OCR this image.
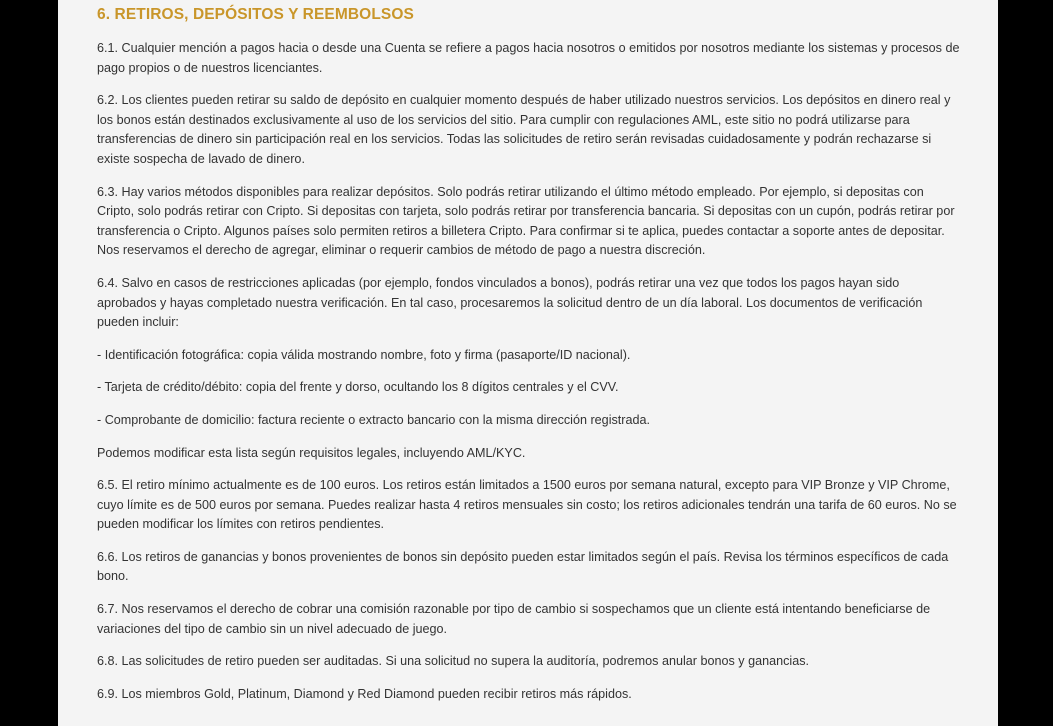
6. RETIROS, DEPÓSITOS Y REEMBOLSOS

6.1. Cualquier mención a pagos hacia o desde una Cuenta se refiere a pagos hacia nosotros o emitidos por nosotros mediante los sistemas y procesos de pago propios o de nuestros licenciantes.

6.2. Los clientes pueden retirar su saldo de depósito en cualquier momento después de haber utilizado nuestros servicios. Los depósitos en dinero real y los bonos están destinados exclusivamente al uso de los servicios del sitio. Para cumplir con regulaciones AML, este sitio no podrá utilizarse para transferencias de dinero sin participación real en los servicios. Todas las solicitudes de retiro serán revisadas cuidadosamente y podrán rechazarse si existe sospecha de lavado de dinero.

6.3. Hay varios métodos disponibles para realizar depósitos. Solo podrás retirar utilizando el último método empleado. Por ejemplo, si depositas con Cripto, solo podrás retirar con Cripto. Si depositas con tarjeta, solo podrás retirar por transferencia bancaria. Si depositas con un cupón, podrás retirar por transferencia o Cripto. Algunos países solo permiten retiros a billetera Cripto. Para confirmar si te aplica, puedes contactar a soporte antes de depositar. Nos reservamos el derecho de agregar, eliminar o requerir cambios de método de pago a nuestra discreción.

6.4. Salvo en casos de restricciones aplicadas (por ejemplo, fondos vinculados a bonos), podrás retirar una vez que todos los pagos hayan sido aprobados y hayas completado nuestra verificación. En tal caso, procesaremos la solicitud dentro de un día laboral. Los documentos de verificación pueden incluir:

- Identificación fotográfica: copia válida mostrando nombre, foto y firma (pasaporte/ID nacional).

- Tarjeta de crédito/débito: copia del frente y dorso, ocultando los 8 dígitos centrales y el CVV.

- Comprobante de domicilio: factura reciente o extracto bancario con la misma dirección registrada.

Podemos modificar esta lista según requisitos legales, incluyendo AML/KYC.

6.5. El retiro mínimo actualmente es de 100 euros. Los retiros están limitados a 1500 euros por semana natural, excepto para VIP Bronze y VIP Chrome, cuyo límite es de 500 euros por semana. Puedes realizar hasta 4 retiros mensuales sin costo; los retiros adicionales tendrán una tarifa de 60 euros. No se pueden modificar los límites con retiros pendientes.

6.6. Los retiros de ganancias y bonos provenientes de bonos sin depósito pueden estar limitados según el país. Revisa los términos específicos de cada bono.

6.7. Nos reservamos el derecho de cobrar una comisión razonable por tipo de cambio si sospechamos que un cliente está intentando beneficiarse de variaciones del tipo de cambio sin un nivel adecuado de juego.

6.8. Las solicitudes de retiro pueden ser auditadas. Si una solicitud no supera la auditoría, podremos anular bonos y ganancias.

6.9. Los miembros Gold, Platinum, Diamond y Red Diamond pueden recibir retiros más rápidos.
